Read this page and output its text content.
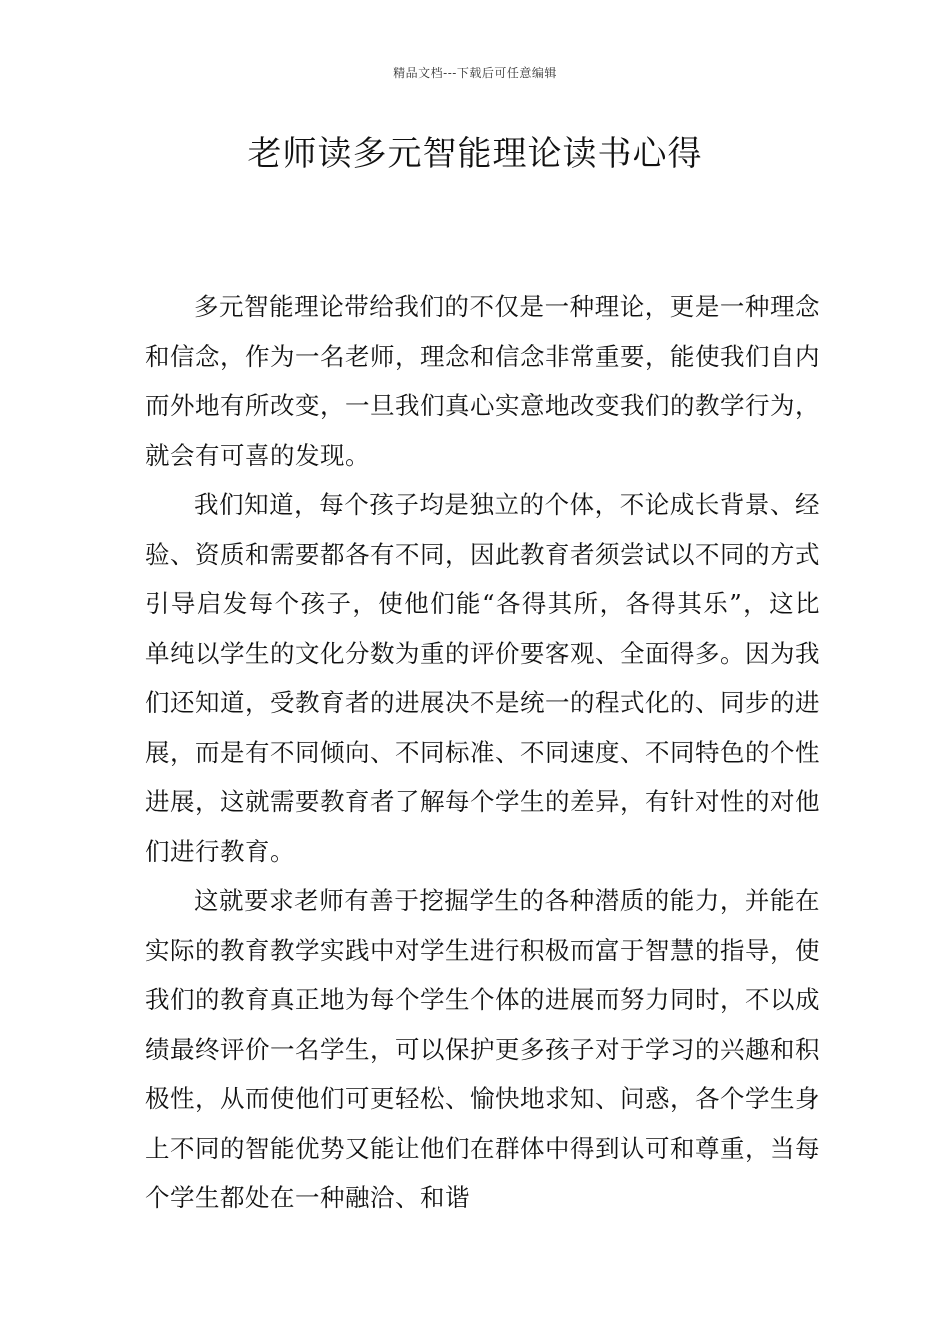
精品文档---下载后可任意编辑
老师读多元智能理论读书心得

多元智能理论带给我们的不仅是一种理论，更是一种理念和信念，作为一名老师，理念和信念非常重要，能使我们自内而外地有所改变，一旦我们真心实意地改变我们的教学行为，就会有可喜的发现。

我们知道，每个孩子均是独立的个体，不论成长背景、经验、资质和需要都各有不同，因此教育者须尝试以不同的方式引导启发每个孩子，使他们能“各得其所，各得其乐”，这比单纯以学生的文化分数为重的评价要客观、全面得多。因为我们还知道，受教育者的进展决不是统一的程式化的、同步的进展，而是有不同倾向、不同标准、不同速度、不同特色的个性进展，这就需要教育者了解每个学生的差异，有针对性的对他们进行教育。

这就要求老师有善于挖掘学生的各种潜质的能力，并能在实际的教育教学实践中对学生进行积极而富于智慧的指导，使我们的教育真正地为每个学生个体的进展而努力同时，不以成绩最终评价一名学生，可以保护更多孩子对于学习的兴趣和积极性，从而使他们可更轻松、愉快地求知、问惑，各个学生身上不同的智能优势又能让他们在群体中得到认可和尊重，当每个学生都处在一种融洽、和谐
